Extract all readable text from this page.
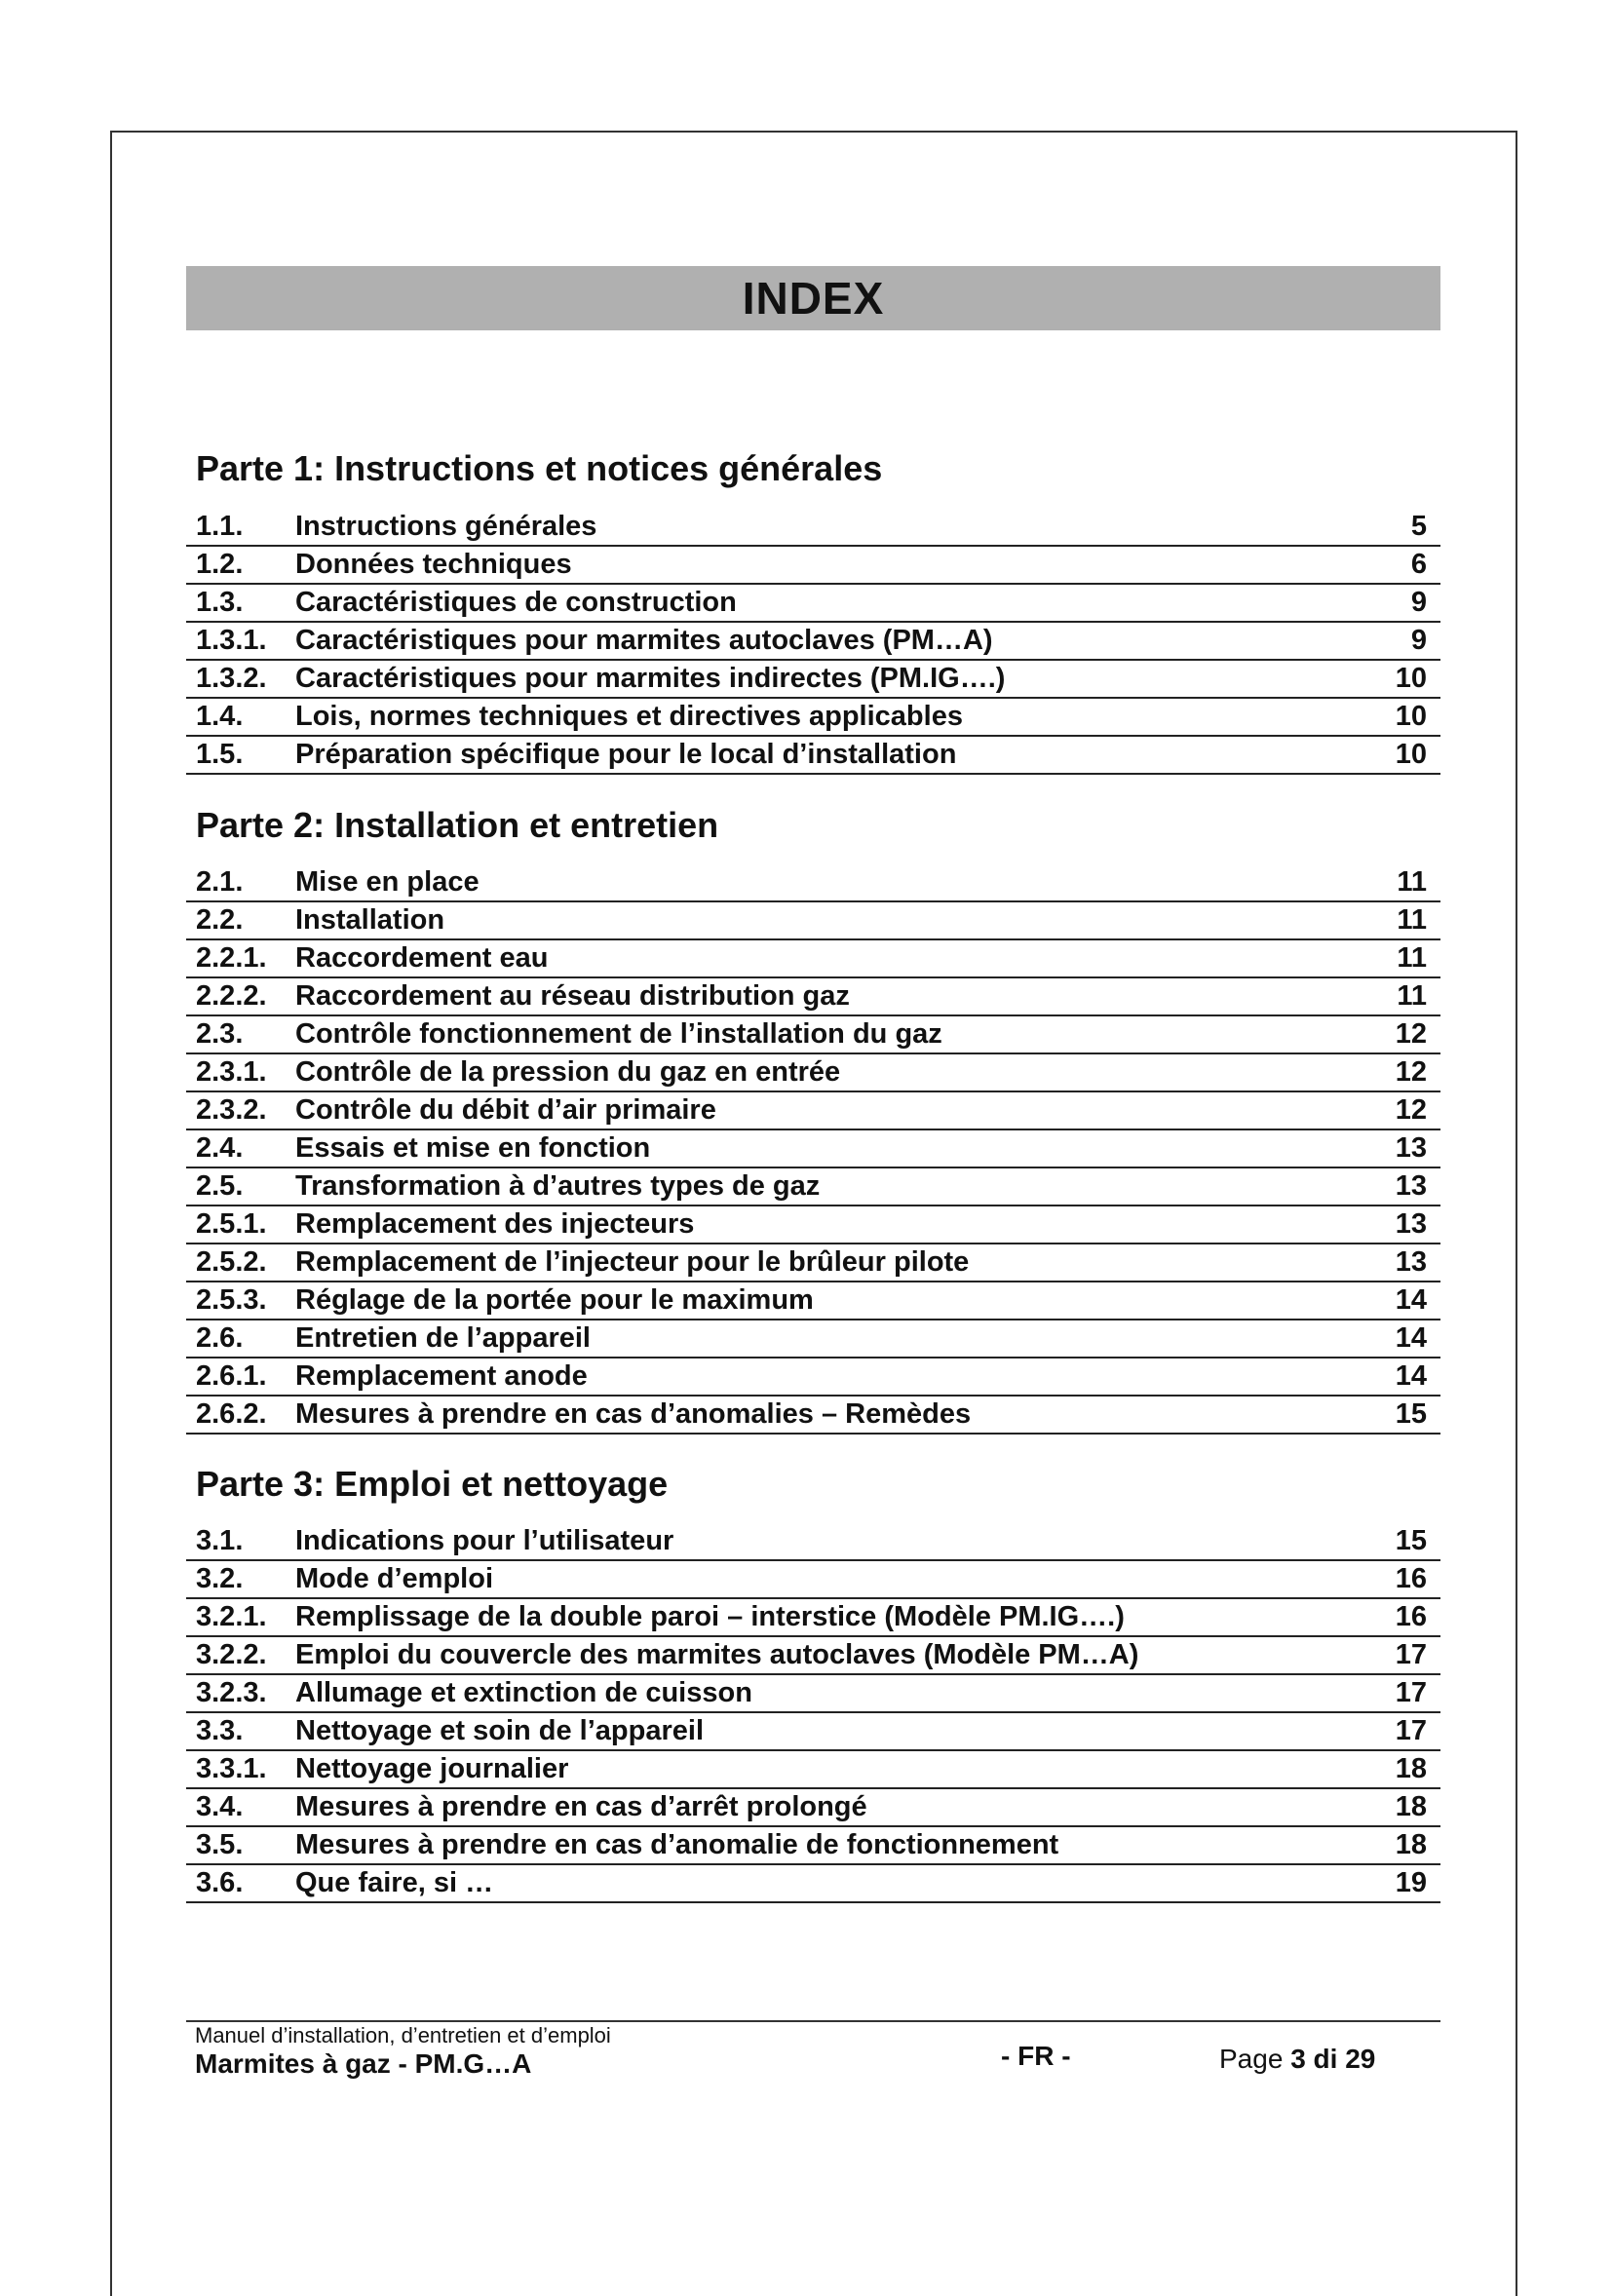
INDEX
Parte 1: Instructions et notices générales
1.1. Instructions générales	5
1.2. Données techniques	6
1.3. Caractéristiques de construction	9
1.3.1. Caractéristiques pour marmites autoclaves (PM…A)	9
1.3.2. Caractéristiques pour marmites indirectes (PM.IG….)	10
1.4. Lois, normes techniques et directives applicables	10
1.5. Préparation spécifique pour le local d’installation	10
Parte 2: Installation et entretien
2.1. Mise en place	11
2.2. Installation	11
2.2.1. Raccordement eau	11
2.2.2. Raccordement au réseau distribution gaz	11
2.3. Contrôle fonctionnement de l’installation du gaz	12
2.3.1. Contrôle de la pression du gaz en entrée	12
2.3.2. Contrôle du débit d’air primaire	12
2.4. Essais et mise en fonction	13
2.5. Transformation à d’autres types de gaz	13
2.5.1. Remplacement des injecteurs	13
2.5.2. Remplacement de l’injecteur pour le brûleur pilote	13
2.5.3. Réglage de la portée pour le maximum	14
2.6. Entretien de l’appareil	14
2.6.1. Remplacement anode	14
2.6.2. Mesures à prendre en cas d’anomalies – Remèdes	15
Parte 3: Emploi et nettoyage
3.1. Indications pour l’utilisateur	15
3.2. Mode d’emploi	16
3.2.1. Remplissage de la double paroi – interstice (Modèle PM.IG….)	16
3.2.2. Emploi du couvercle des marmites autoclaves (Modèle PM…A)	17
3.2.3. Allumage et extinction de cuisson	17
3.3. Nettoyage et soin de l’appareil	17
3.3.1. Nettoyage journalier	18
3.4. Mesures à prendre en cas d’arrêt prolongé	18
3.5. Mesures à prendre en cas d’anomalie de fonctionnement	18
3.6. Que faire, si …	19
Manuel d’installation, d’entretien et d’emploi
Marmites à gaz - PM.G…A	- FR -	Page 3 di 29
